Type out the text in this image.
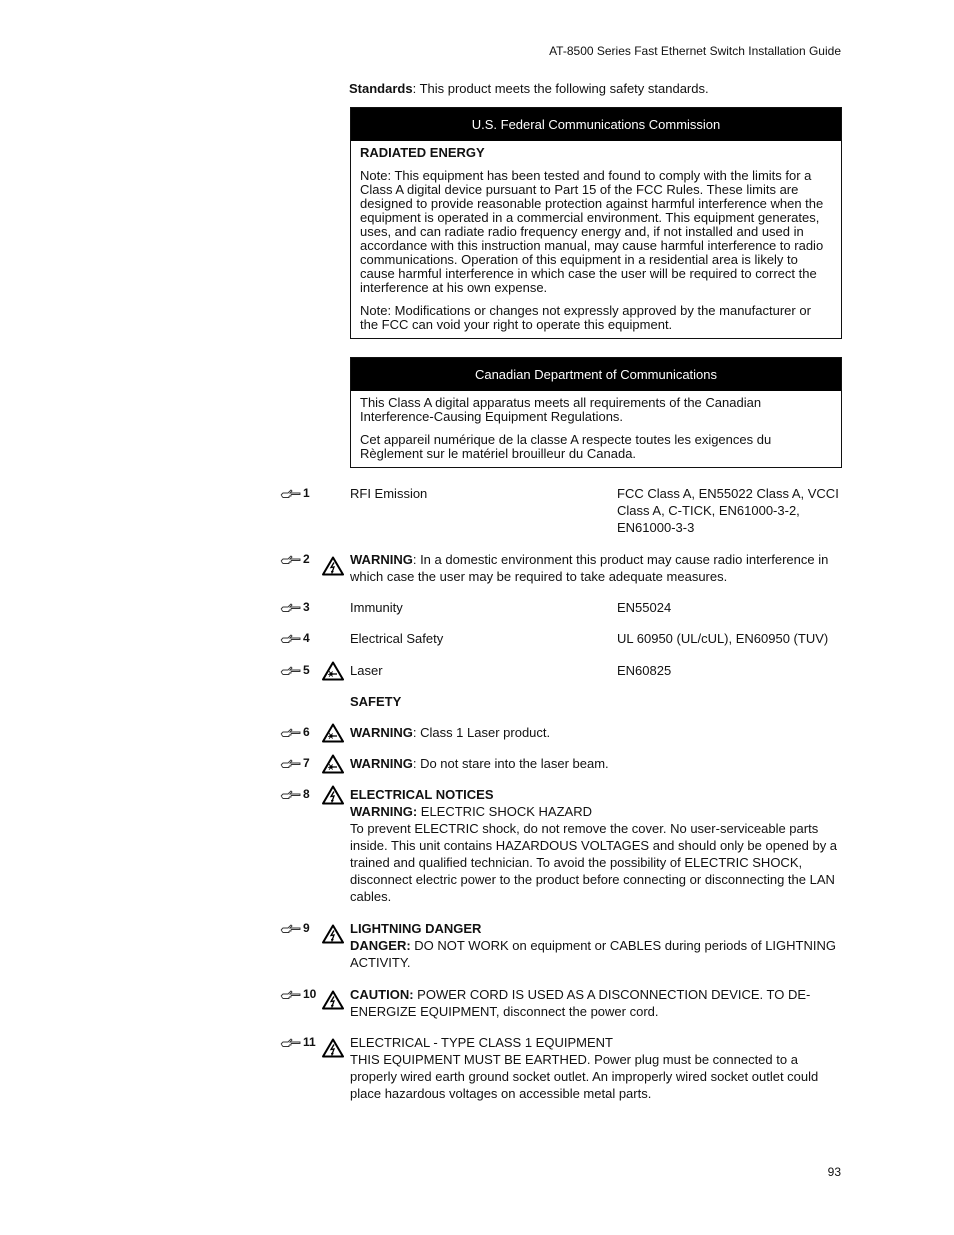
AT-8500 Series Fast Ethernet Switch Installation Guide
Standards: This product meets the following safety standards.
U.S. Federal Communications Commission

RADIATED ENERGY

Note: This equipment has been tested and found to comply with the limits for a Class A digital device pursuant to Part 15 of the FCC Rules. These limits are designed to provide reasonable protection against harmful interference when the equipment is operated in a commercial environment. This equipment generates, uses, and can radiate radio frequency energy and, if not installed and used in accordance with this instruction manual, may cause harmful interference to radio communications. Operation of this equipment in a residential area is likely to cause harmful interference in which case the user will be required to correct the interference at his own expense.

Note: Modifications or changes not expressly approved by the manufacturer or the FCC can void your right to operate this equipment.

Canadian Department of Communications

This Class A digital apparatus meets all requirements of the Canadian Interference-Causing Equipment Regulations.

Cet appareil numérique de la classe A respecte toutes les exigences du Règlement sur le matériel brouilleur du Canada.

1	RFI Emission	FCC Class A, EN55022 Class A, VCCI Class A, C-TICK, EN61000-3-2, EN61000-3-3
2	WARNING: In a domestic environment this product may cause radio interference in which case the user may be required to take adequate measures.
3	Immunity	EN55024
4	Electrical Safety	UL 60950 (UL/cUL), EN60950 (TUV)
5	Laser	EN60825
SAFETY
6	WARNING: Class 1 Laser product.
7	WARNING: Do not stare into the laser beam.
8	ELECTRICAL NOTICES
WARNING: ELECTRIC SHOCK HAZARD
To prevent ELECTRIC shock, do not remove the cover. No user-serviceable parts inside. This unit contains HAZARDOUS VOLTAGES and should only be opened by a trained and qualified technician. To avoid the possibility of ELECTRIC SHOCK, disconnect electric power to the product before connecting or disconnecting the LAN cables.
9	LIGHTNING DANGER
DANGER: DO NOT WORK on equipment or CABLES during periods of LIGHTNING ACTIVITY.
10	CAUTION: POWER CORD IS USED AS A DISCONNECTION DEVICE. TO DE-ENERGIZE EQUIPMENT, disconnect the power cord.
11	ELECTRICAL - TYPE CLASS 1 EQUIPMENT
THIS EQUIPMENT MUST BE EARTHED. Power plug must be connected to a properly wired earth ground socket outlet. An improperly wired socket outlet could place hazardous voltages on accessible metal parts.
93
